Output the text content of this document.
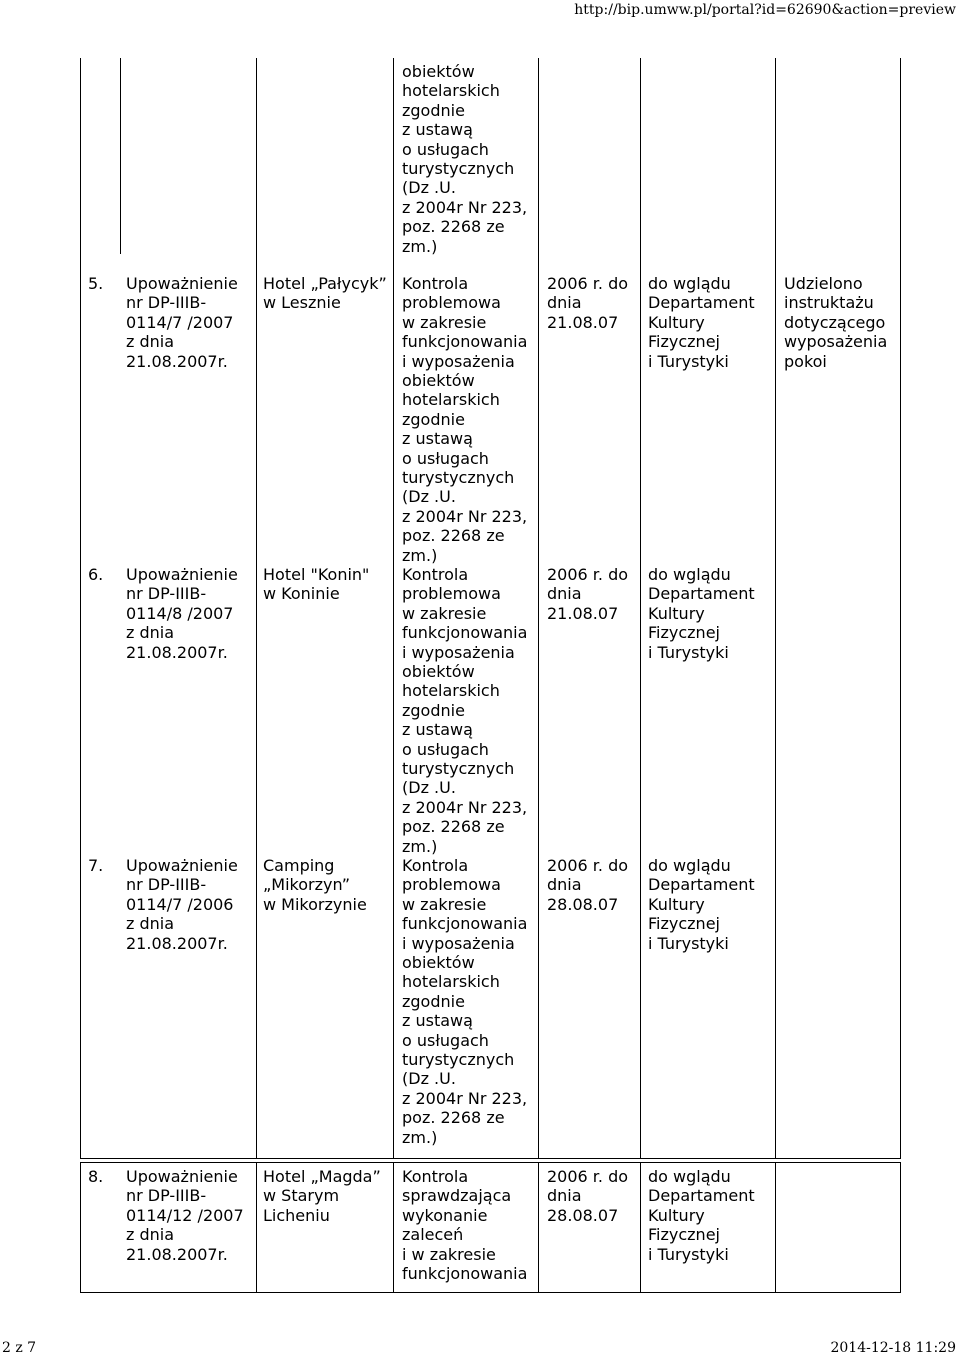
http://bip.umww.pl/portal?id=62690&action=preview
obiektów
hotelarskich
zgodnie
z ustawą
o usługach
turystycznych
(Dz .U.
z 2004r Nr 223,
poz. 2268 ze
zm.)
5. Upoważnienie
nr DP-IIIB-
0114/7 /2007
z dnia
21.08.2007r.
Hotel „Pałycyk”
w Lesznie
Kontrola
problemowa
w zakresie
funkcjonowania
i wyposażenia
obiektów
hotelarskich
zgodnie
z ustawą
o usługach
turystycznych
(Dz .U.
z 2004r Nr 223,
poz. 2268 ze
zm.)
2006 r. do
dnia
21.08.07
do wglądu
Departament
Kultury
Fizycznej
i Turystyki
Udzielono
instruktażu
dotyczącego
wyposażenia
pokoi
6. Upoważnienie
nr DP-IIIB-
0114/8 /2007
z dnia
21.08.2007r.
Hotel "Konin"
w Koninie
Kontrola
problemowa
w zakresie
funkcjonowania
i wyposażenia
obiektów
hotelarskich
zgodnie
z ustawą
o usługach
turystycznych
(Dz .U.
z 2004r Nr 223,
poz. 2268 ze
zm.)
2006 r. do
dnia
21.08.07
do wglądu
Departament
Kultury
Fizycznej
i Turystyki
7. Upoważnienie
nr DP-IIIB-
0114/7 /2006
z dnia
21.08.2007r.
Camping
„Mikorzyn”
w Mikorzynie
Kontrola
problemowa
w zakresie
funkcjonowania
i wyposażenia
obiektów
hotelarskich
zgodnie
z ustawą
o usługach
turystycznych
(Dz .U.
z 2004r Nr 223,
poz. 2268 ze
zm.)
2006 r. do
dnia
28.08.07
do wglądu
Departament
Kultury
Fizycznej
i Turystyki
8. Upoważnienie
nr DP-IIIB-
0114/12 /2007
z dnia
21.08.2007r.
Hotel „Magda”
w Starym
Licheniu
Kontrola
sprawdzająca
wykonanie
zaleceń
i w zakresie
funkcjonowania
2006 r. do
dnia
28.08.07
do wglądu
Departament
Kultury
Fizycznej
i Turystyki
2 z 7	2014-12-18 11:29
